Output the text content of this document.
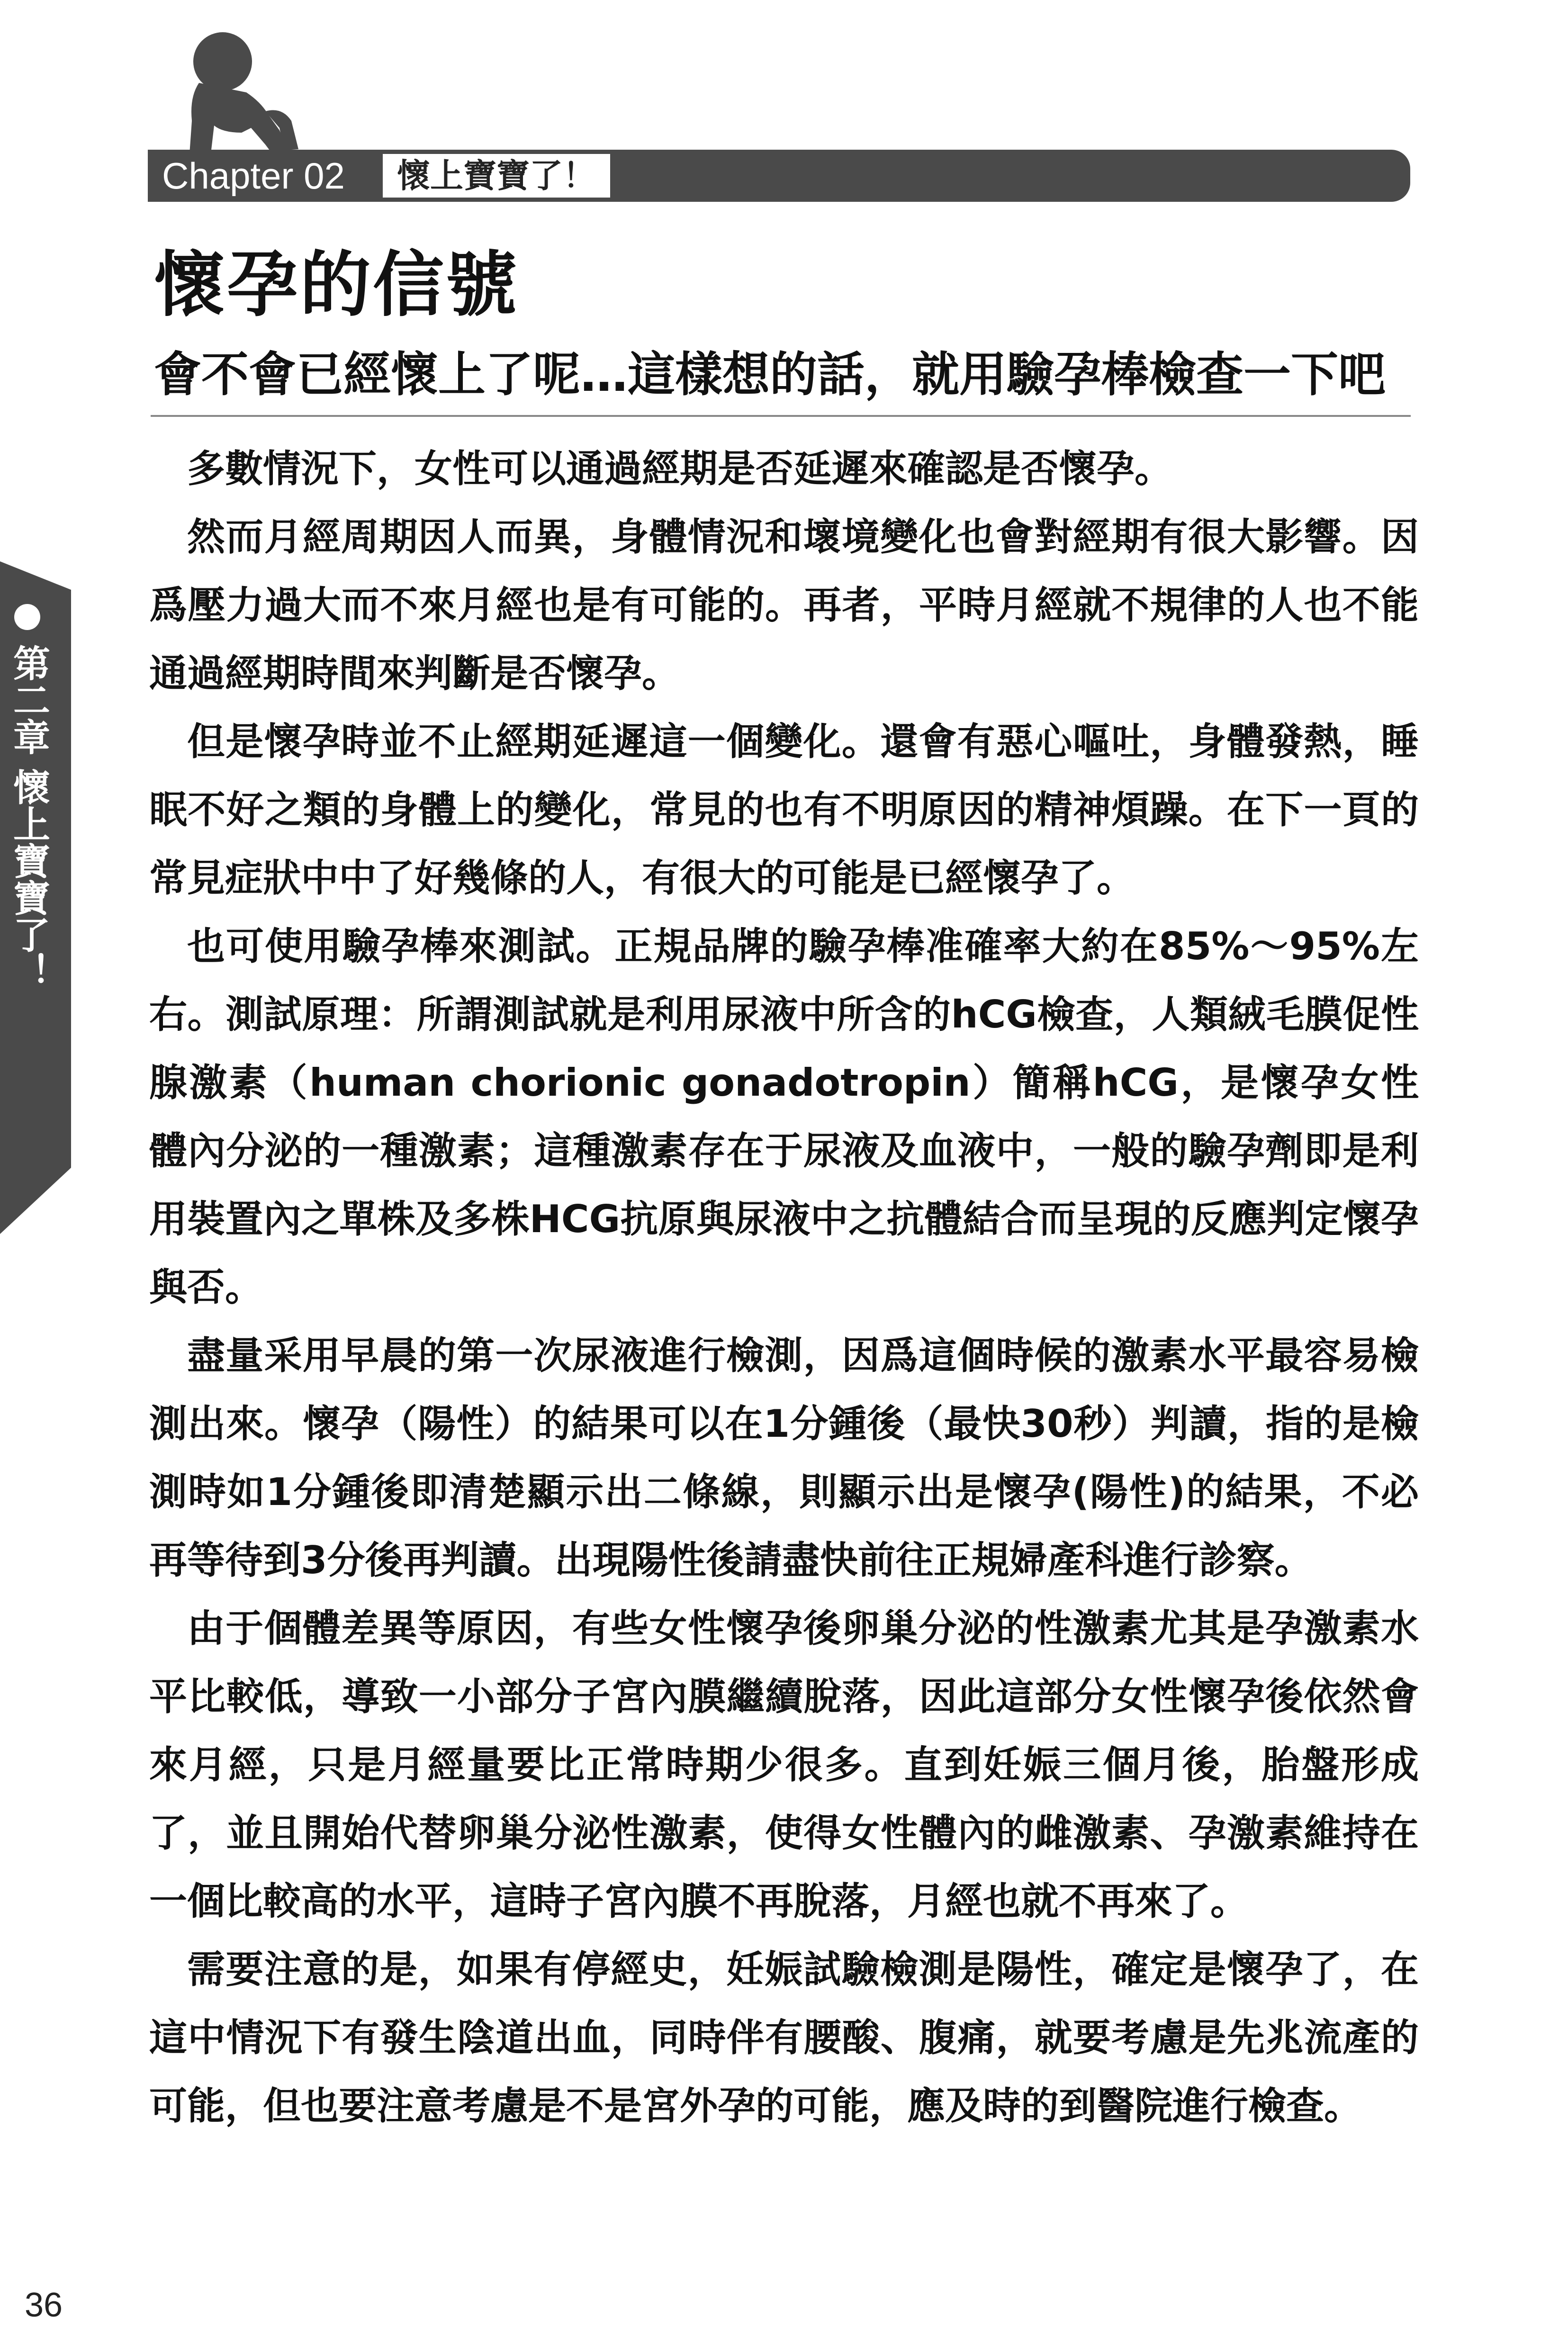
Chapter 02 懷上寶寶了！
懷孕的信號
會不會已經懷上了呢…這樣想的話，就用驗孕棒檢查一下吧
第二章 懷上寶寶了！

多數情況下，女性可以通過經期是否延遲來確認是否懷孕。

然而月經周期因人而異，身體情況和壞境變化也會對經期有很大影響。因爲壓力過大而不來月經也是有可能的。再者，平時月經就不規律的人也不能通過經期時間來判斷是否懷孕。

但是懷孕時並不止經期延遲這一個變化。還會有惡心嘔吐，身體發熱，睡眠不好之類的身體上的變化，常見的也有不明原因的精神煩躁。在下一頁的常見症狀中中了好幾條的人，有很大的可能是已經懷孕了。

也可使用驗孕棒來測試。正規品牌的驗孕棒准確率大約在85%～95%左右。測試原理：所謂測試就是利用尿液中所含的hCG檢查，人類絨毛膜促性腺激素（human chorionic gonadotropin）簡稱hCG，是懷孕女性體內分泌的一種激素；這種激素存在于尿液及血液中，一般的驗孕劑即是利用裝置內之單株及多株HCG抗原與尿液中之抗體結合而呈現的反應判定懷孕與否。

盡量采用早晨的第一次尿液進行檢測，因爲這個時候的激素水平最容易檢測出來。懷孕（陽性）的結果可以在1分鍾後（最快30秒）判讀，指的是檢測時如1分鍾後即清楚顯示出二條線，則顯示出是懷孕(陽性)的結果，不必再等待到3分後再判讀。出現陽性後請盡快前往正規婦產科進行診察。

由于個體差異等原因，有些女性懷孕後卵巢分泌的性激素尤其是孕激素水平比較低，導致一小部分子宮內膜繼續脫落，因此這部分女性懷孕後依然會來月經，只是月經量要比正常時期少很多。直到妊娠三個月後，胎盤形成了，並且開始代替卵巢分泌性激素，使得女性體內的雌激素、孕激素維持在一個比較高的水平，這時子宮內膜不再脫落，月經也就不再來了。

需要注意的是，如果有停經史，妊娠試驗檢測是陽性，確定是懷孕了，在這中情況下有發生陰道出血，同時伴有腰酸、腹痛，就要考慮是先兆流產的可能，但也要注意考慮是不是宮外孕的可能，應及時的到醫院進行檢查。

36
